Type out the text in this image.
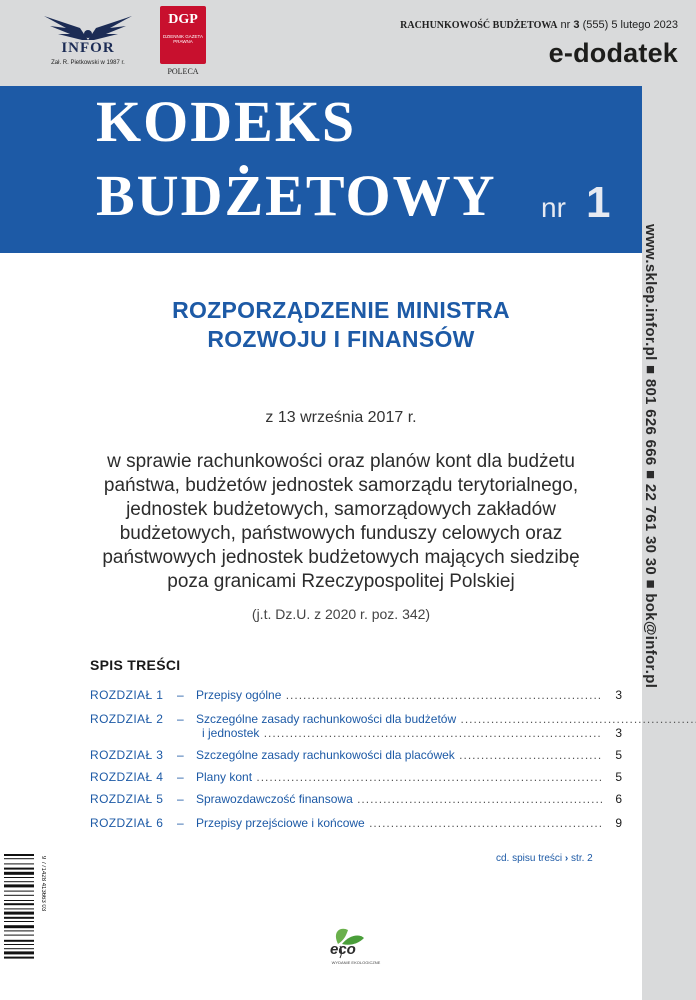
INFOR
Zał. R. Pietkowski w 1987 r.
DGP
DZIENNIK GAZETA PRAWNA
POLECA
RACHUNKOWOŚĆ BUDŻETOWA nr 3 (555) 5 lutego 2023
e-dodatek
KODEKS
BUDŻETOWY nr 1
www.sklep.infor.pl ■ 801 626 666 ■ 22 761 30 30 ■ bok@infor.pl
ROZPORZĄDZENIE MINISTRA ROZWOJU I FINANSÓW
z 13 września 2017 r.
w sprawie rachunkowości oraz planów kont dla budżetu państwa, budżetów jednostek samorządu terytorialnego, jednostek budżetowych, samorządowych zakładów budżetowych, państwowych funduszy celowych oraz państwowych jednostek budżetowych mających siedzibę poza granicami Rzeczypospolitej Polskiej
(j.t. Dz.U. z 2020 r. poz. 342)
SPIS TREŚCI
ROZDZIAŁ 1 – Przepisy ogólne .....	3
ROZDZIAŁ 2 – Szczególne zasady rachunkowości dla budżetów .....
i jednostek .....	3
ROZDZIAŁ 3 – Szczególne zasady rachunkowości dla placówek .....	5
ROZDZIAŁ 4 – Plany kont .....	5
ROZDZIAŁ 5 – Sprawozdawczość finansowa .....	6
ROZDZIAŁ 6 – Przepisy przejściowe i końcowe .....	9
cd. spisu treści › str. 2
9 771428 413663 03
eco
WYDANIE EKOLOGICZNE
